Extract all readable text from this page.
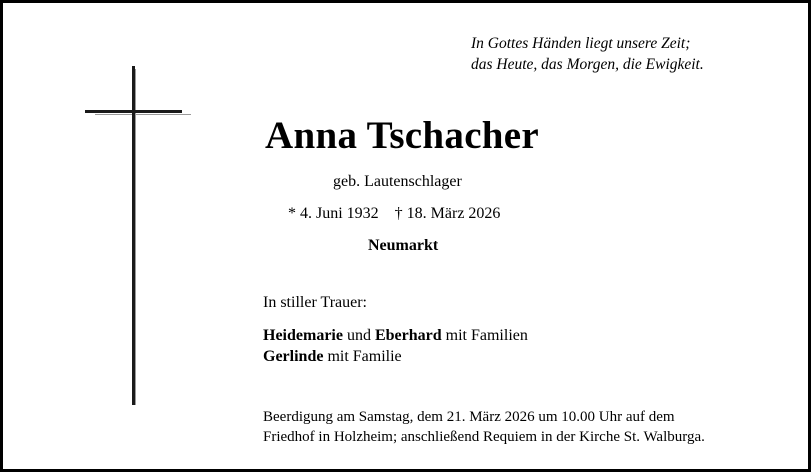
In Gottes Händen liegt unsere Zeit;
das Heute, das Morgen, die Ewigkeit.
Anna Tschacher
geb. Lautenschlager
* 4. Juni 1932 † 18. März 2026
Neumarkt
In stiller Trauer:
Heidemarie und Eberhard mit Familien
Gerlinde mit Familie
Beerdigung am Samstag, dem 21. März 2026 um 10.00 Uhr auf dem
Friedhof in Holzheim; anschließend Requiem in der Kirche St. Walburga.
